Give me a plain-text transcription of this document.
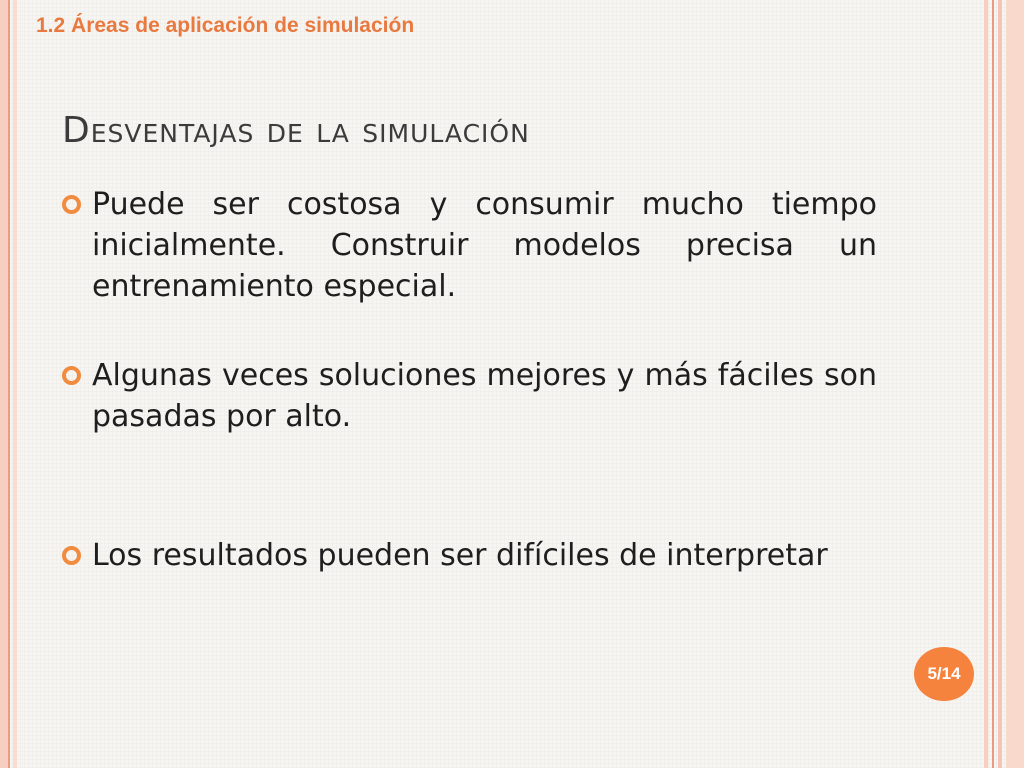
1.2 Áreas de aplicación de simulación
Desventajas de la simulación
Puede ser costosa y consumir mucho tiempo inicialmente. Construir modelos precisa un entrenamiento especial.
Algunas veces soluciones mejores y más fáciles son pasadas por alto.
Los resultados pueden ser difíciles de interpretar
5/14
